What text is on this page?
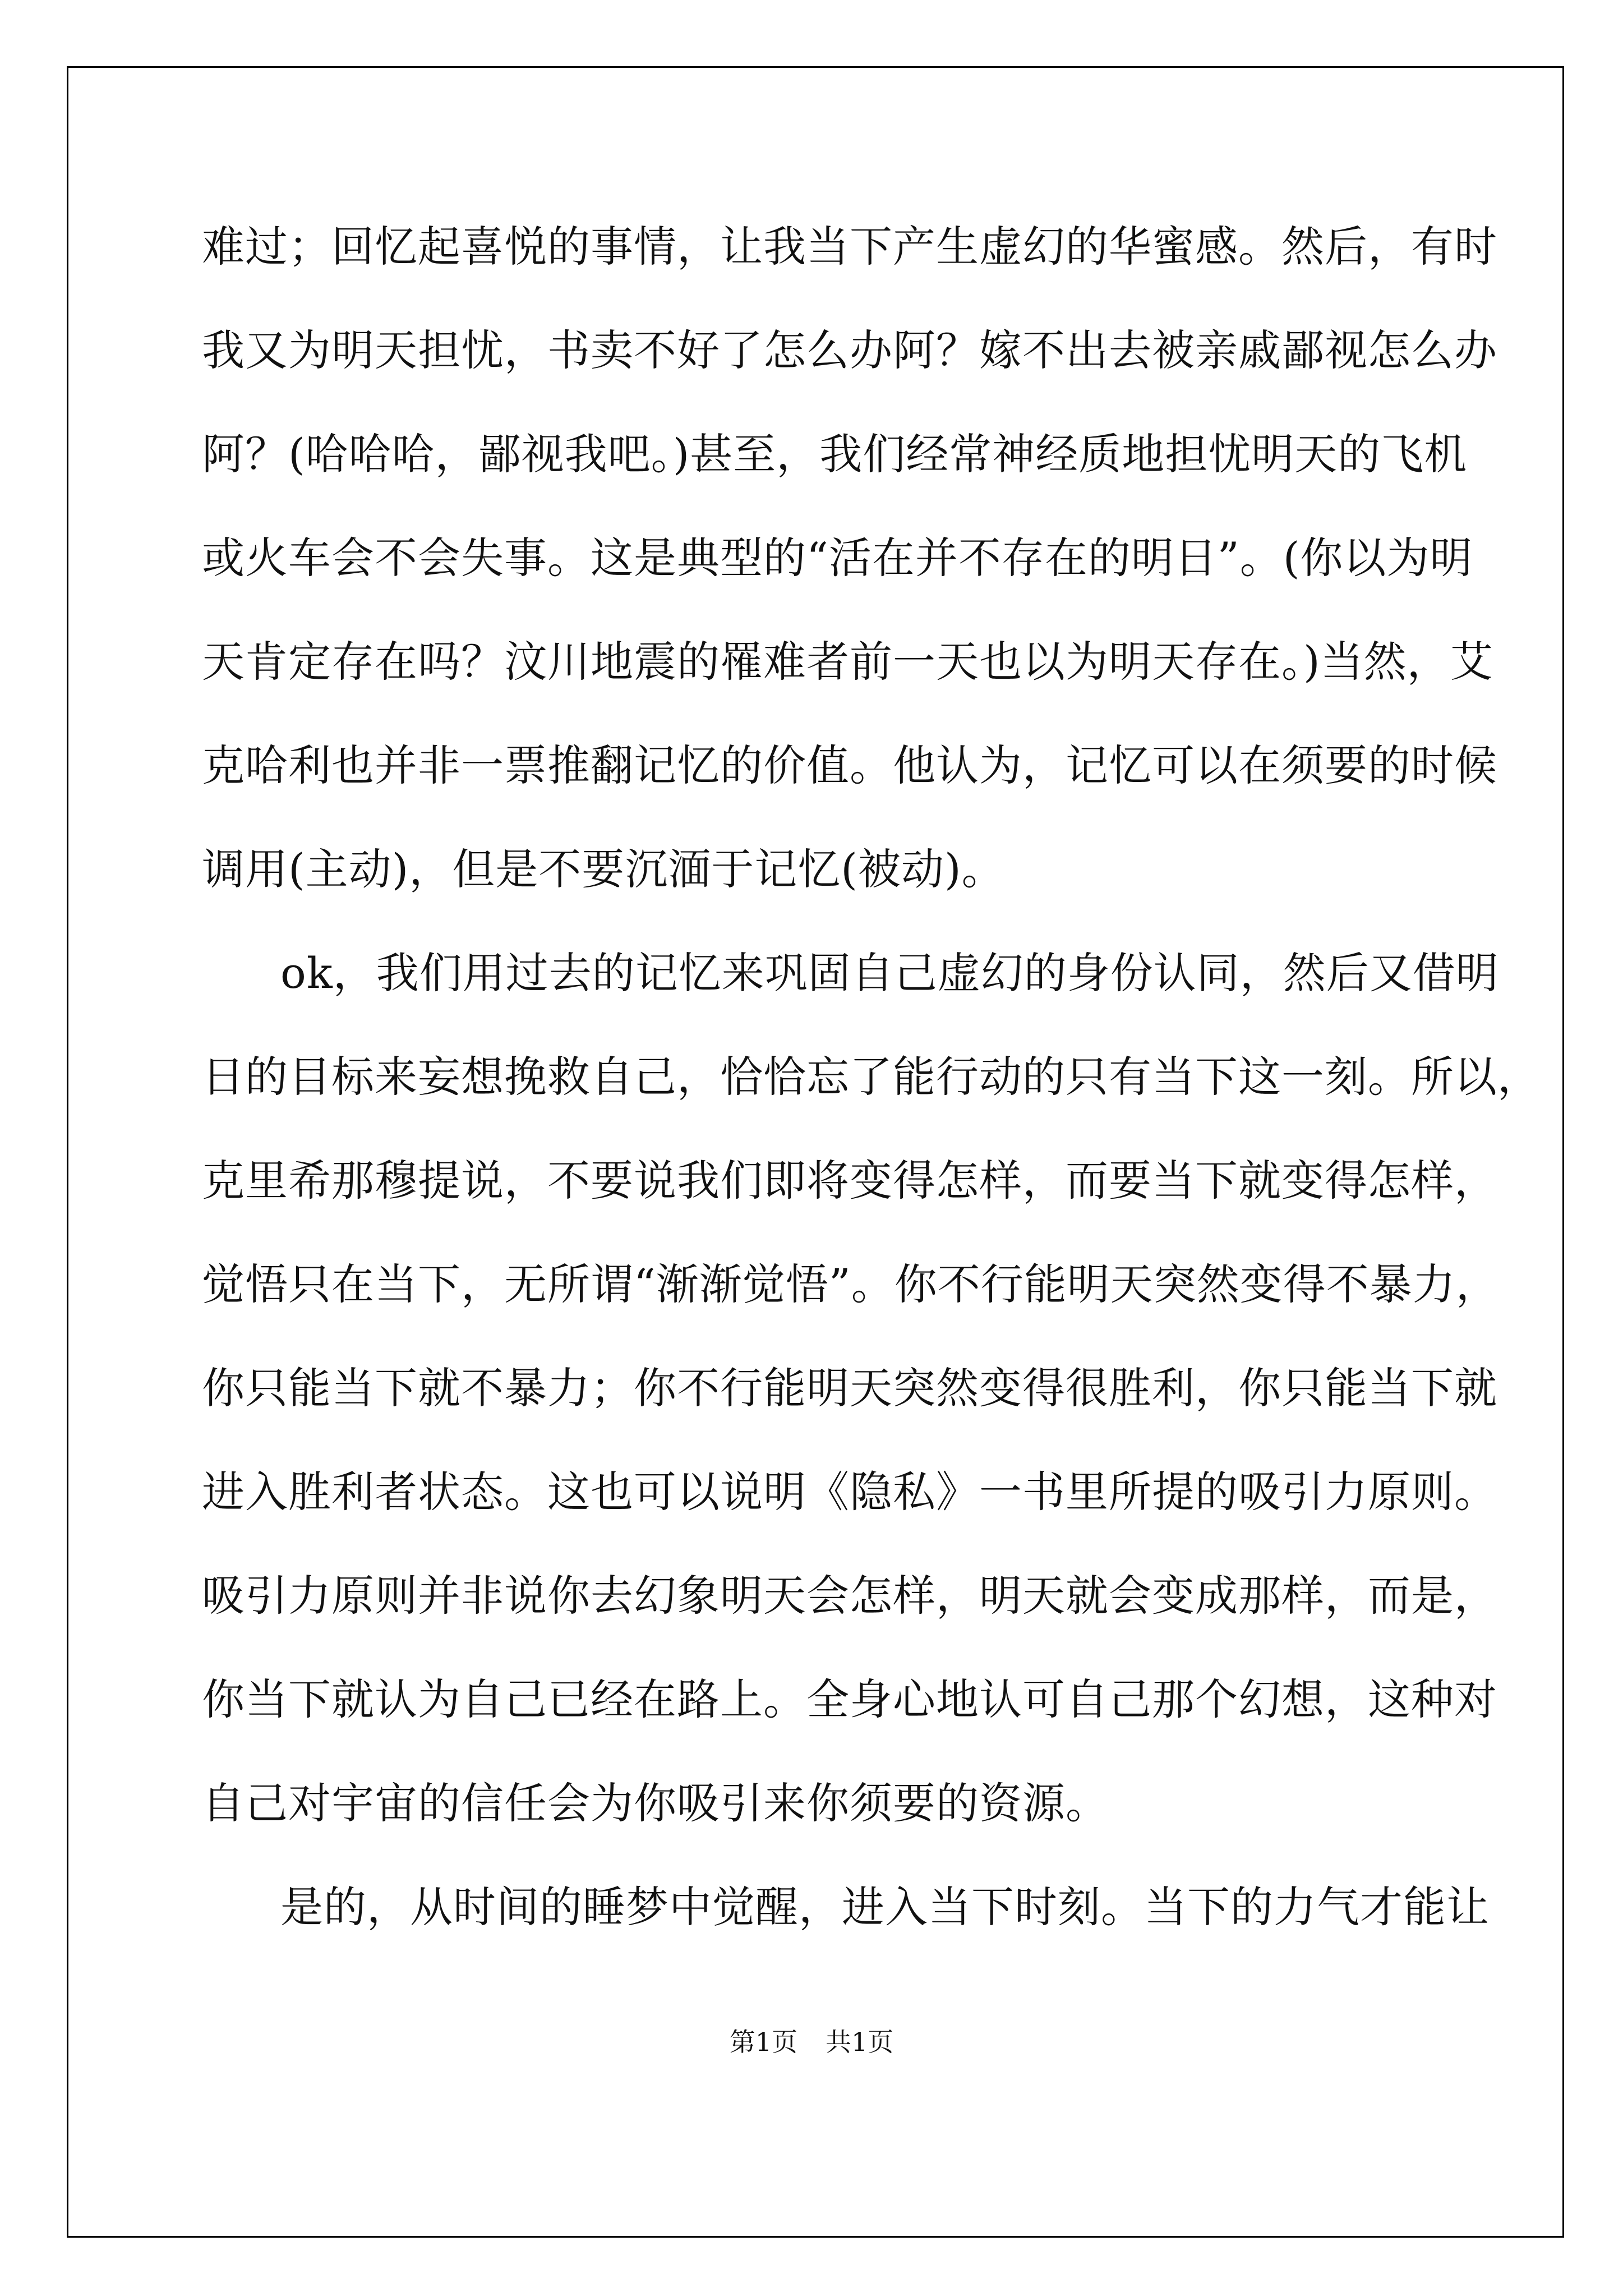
第1页 共1页
难过；回忆起喜悦的事情，让我当下产生虚幻的华蜜感。然后，有时
我又为明天担忧，书卖不好了怎么办阿？嫁不出去被亲戚鄙视怎么办
阿？(哈哈哈，鄙视我吧。)甚至，我们经常神经质地担忧明天的飞机
或火车会不会失事。这是典型的“活在并不存在的明日”。(你以为明
天肯定存在吗？汶川地震的罹难者前一天也以为明天存在。)当然，艾
克哈利也并非一票推翻记忆的价值。他认为，记忆可以在须要的时候
调用(主动)，但是不要沉湎于记忆(被动)。
ok，我们用过去的记忆来巩固自己虚幻的身份认同，然后又借明
日的目标来妄想挽救自己，恰恰忘了能行动的只有当下这一刻。所以，
克里希那穆提说，不要说我们即将变得怎样，而要当下就变得怎样，
觉悟只在当下，无所谓“渐渐觉悟”。你不行能明天突然变得不暴力，
你只能当下就不暴力；你不行能明天突然变得很胜利，你只能当下就
进入胜利者状态。这也可以说明《隐私》一书里所提的吸引力原则。
吸引力原则并非说你去幻象明天会怎样，明天就会变成那样，而是，
你当下就认为自己已经在路上。全身心地认可自己那个幻想，这种对
自己对宇宙的信任会为你吸引来你须要的资源。
是的，从时间的睡梦中觉醒，进入当下时刻。当下的力气才能让
